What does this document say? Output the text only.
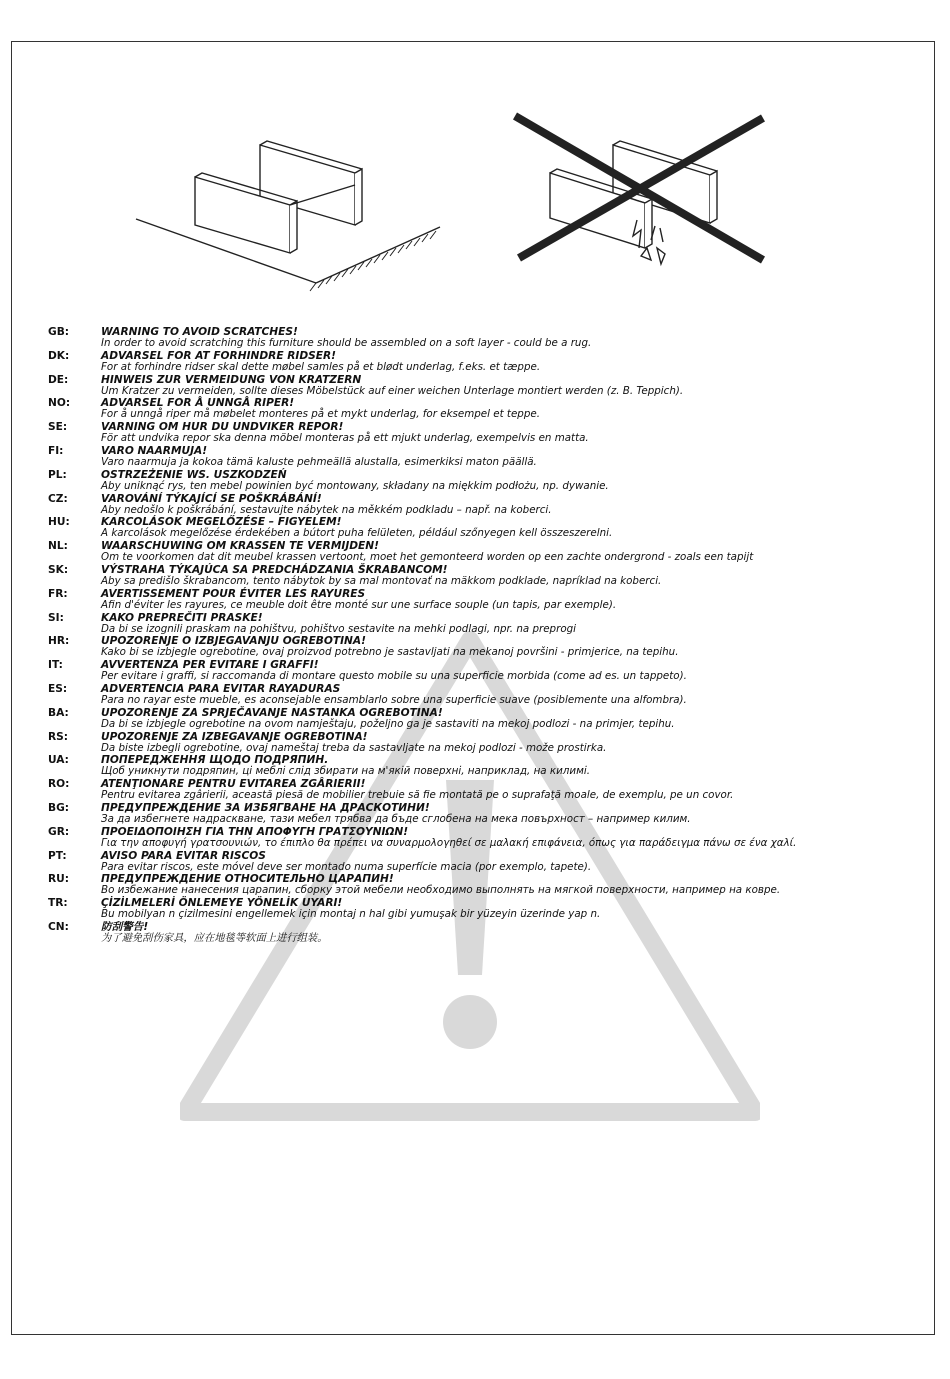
GB:	WARNING TO AVOID SCRATCHES!
In order to avoid scratching this furniture should be assembled on a soft layer - could be a rug.
DK:	ADVARSEL FOR AT FORHINDRE RIDSER!
For at forhindre ridser skal dette møbel samles på et blødt underlag, f.eks. et tæppe.
DE:	HINWEIS ZUR VERMEIDUNG VON KRATZERN
Um Kratzer zu vermeiden, sollte dieses Möbelstück auf einer weichen Unterlage montiert werden (z. B. Teppich).
NO:	ADVARSEL FOR Å UNNGÅ RIPER!
For å unngå riper må møbelet monteres på et mykt underlag, for eksempel et teppe.
SE:	VARNING OM HUR DU UNDVIKER REPOR!
För att undvika repor ska denna möbel monteras på ett mjukt underlag, exempelvis en matta.
FI:	VARO NAARMUJA!
Varo naarmuja ja kokoa tämä kaluste pehmeällä alustalla, esimerkiksi maton päällä.
PL:	OSTRZEŻENIE WS. USZKODZEŃ
Aby uniknąć rys, ten mebel powinien być montowany, składany na miękkim podłożu, np. dywanie.
CZ:	VAROVÁNÍ TÝKAJÍCÍ SE POŠKRÁBÁNÍ!
Aby nedošlo k poškrábání, sestavujte nábytek na měkkém podkladu – např. na koberci.
HU:	KARCOLÁSOK MEGELŐZÉSE – FIGYELEM!
A karcolások megelőzése érdekében a bútort puha felületen, például szőnyegen kell összeszerelni.
NL:	WAARSCHUWING OM KRASSEN TE VERMIJDEN!
Om te voorkomen dat dit meubel krassen vertoont, moet het gemonteerd worden op een zachte ondergrond - zoals een tapijt
SK:	VÝSTRAHA TÝKAJÚCA SA PREDCHÁDZANIA ŠKRABANCOM!
Aby sa predišlo škrabancom, tento nábytok by sa mal montovať na mäkkom podklade, napríklad na koberci.
FR:	AVERTISSEMENT POUR ÉVITER LES RAYURES
Afin d'éviter les rayures, ce meuble doit être monté sur une surface souple (un tapis, par exemple).
SI:	KAKO PREPREČITI PRASKE!
Da bi se izognili praskam na pohištvu, pohištvo sestavite na mehki podlagi, npr. na preprogi
HR:	UPOZORENJE O IZBJEGAVANJU OGREBOTINA!
Kako bi se izbjegle ogrebotine, ovaj proizvod potrebno je sastavljati na mekanoj površini - primjerice, na tepihu.
IT:	AVVERTENZA PER EVITARE I GRAFFI!
Per evitare i graffi, si raccomanda di montare questo mobile su una superficie morbida (come ad es. un tappeto).
ES:	ADVERTENCIA PARA EVITAR RAYADURAS
Para no rayar este mueble, es aconsejable ensamblarlo sobre una superficie suave (posiblemente una alfombra).
BA:	UPOZORENJE ZA SPRJEČAVANJE NASTANKA OGREBOTINA!
Da bi se izbjegle ogrebotine na ovom namještaju, poželjno ga je sastaviti na mekoj podlozi - na primjer, tepihu.
RS:	UPOZORENJE ZA IZBEGAVANJE OGREBOTINA!
Da biste izbegli ogrebotine, ovaj nameštaj treba da sastavljate na mekoj podlozi - može prostirka.
UA:	ПОПЕРЕДЖЕННЯ ЩОДО ПОДРЯПИН.
Щоб уникнути подряпин, ці меблі слід збирати на м'якій поверхні, наприклад, на килимі.
RO:	ATENŢIONARE PENTRU EVITAREA ZGÂRIERII!
Pentru evitarea zgârierii, această piesă de mobilier trebuie să fie montată pe o suprafaţă moale, de exemplu, pe un covor.
BG:	ПРЕДУПРЕЖДЕНИЕ ЗА ИЗБЯГВАНЕ НА ДРАСКОТИНИ!
За да избегнете надраскване, тази мебел трябва да бъде сглобена на мека повърхност – например килим.
GR:	ΠΡΟΕΙΔΟΠΟΙΗΣΗ ΓΙΑ ΤΗΝ ΑΠΟΦΥΓΗ ΓΡΑΤΣΟΥΝΙΩΝ!
Για την αποφυγή γρατσουνιών, το έπιπλο θα πρέπει να συναρμολογηθεί σε μαλακή επιφάνεια, όπως για παράδειγμα πάνω σε ένα χαλί.
PT:	AVISO PARA EVITAR RISCOS
Para evitar riscos, este móvel deve ser montado numa superfície macia (por exemplo, tapete).
RU:	ПРЕДУПРЕЖДЕНИЕ ОТНОСИТЕЛЬНО ЦАРАПИН!
Во избежание нанесения царапин, сборку этой мебели необходимо выполнять на мягкой поверхности, например на ковре.
TR:	ÇİZİLMELERİ ÖNLEMEYE YÖNELİK UYARI!
Bu mobilyan n çizilmesini engellemek için montaj n hal gibi yumuşak bir yüzeyin üzerinde yap n.
CN:	防刮警告!
为了避免刮伤家具，应在地毯等软面上进行组装。
